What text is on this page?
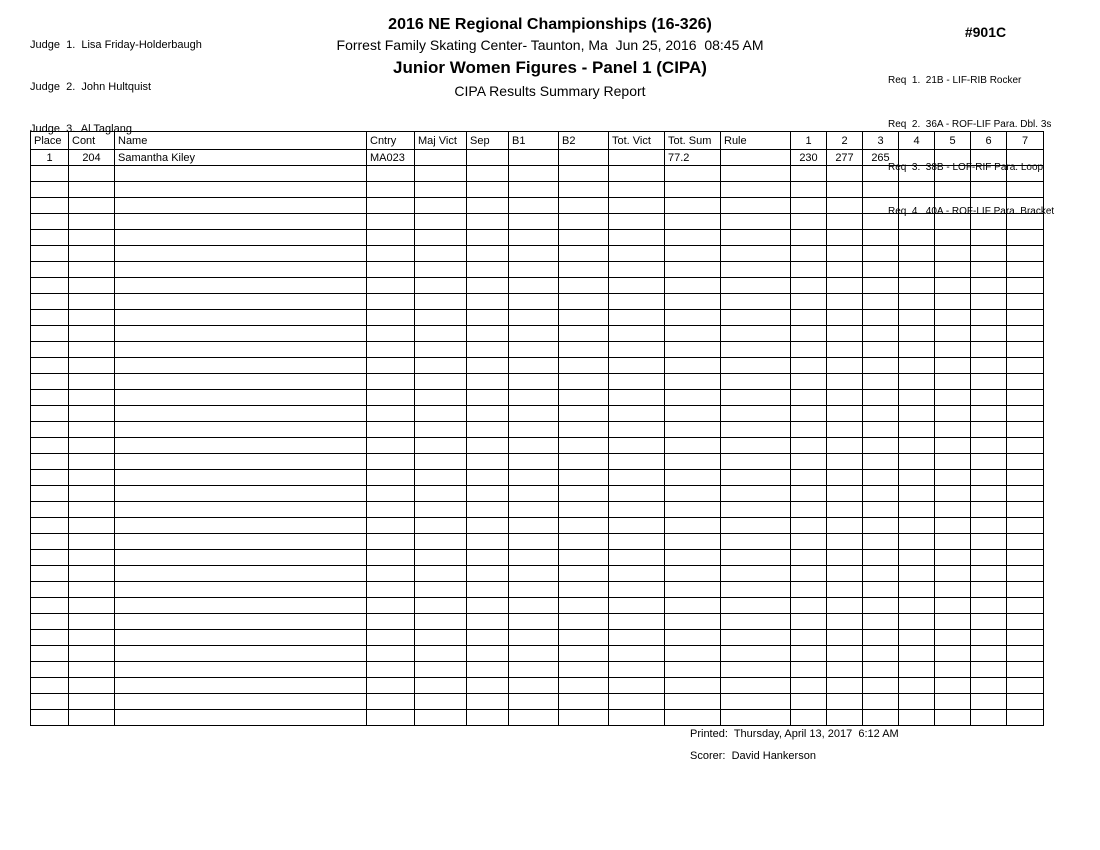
Judge  1.  Lisa Friday-Holderbaugh

Judge  2.  John Hultquist

Judge  3.  Al Taglang

2016 NE Regional Championships (16-326)
Forrest Family Skating Center- Taunton, Ma  Jun 25, 2016  08:45 AM
Junior Women Figures - Panel 1 (CIPA)
CIPA Results Summary Report
#901C

Req  1.  21B - LIF-RIB Rocker

Req  2.  36A - ROF-LIF Para. Dbl. 3s

Req  3.  38B - LOF-RIF Para. Loop

Req  4.  40A - ROF-LIF Para. Bracket

Place	Cont	Name	Cntry	Maj Vict	Sep	B1	B2	Tot. Vict	Tot. Sum	Rule	1	2	3	4	5	6	7
1	204	Samantha Kiley	MA023						77.2		230	277	265				

Printed:  Thursday, April 13, 2017  6:12 AM
Scorer:  David Hankerson
